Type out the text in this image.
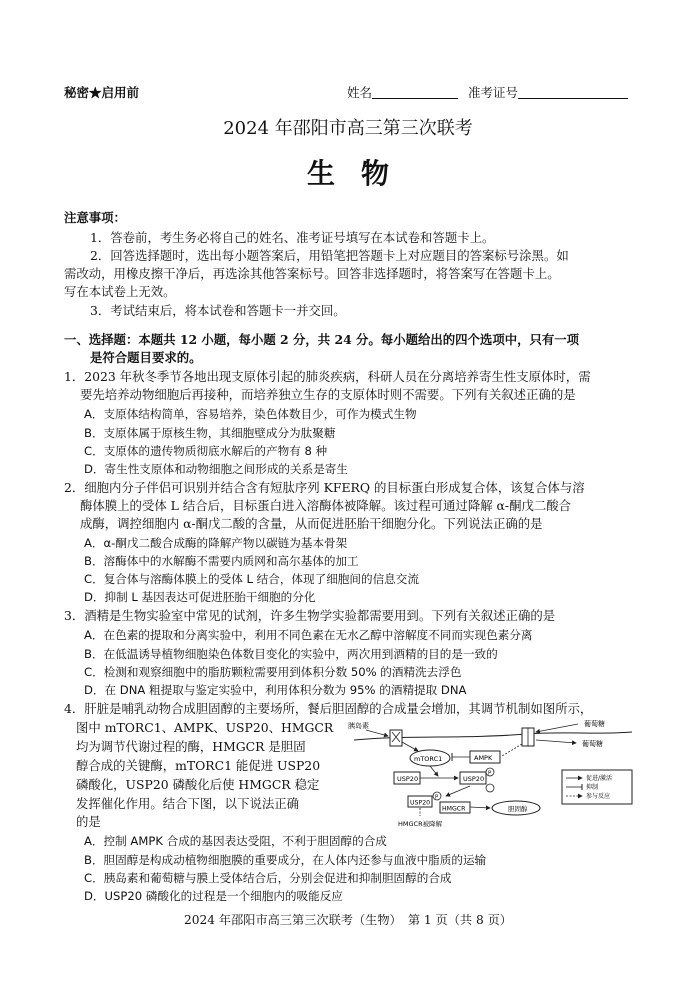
秘密★启用前	姓名	准考证号
2024 年邵阳市高三第三次联考
生物
注意事项：
1．答卷前，考生务必将自己的姓名、准考证号填写在本试卷和答题卡上。
2．回答选择题时，选出每小题答案后，用铅笔把答题卡上对应题目的答案标号涂黑。如
需改动，用橡皮擦干净后，再选涂其他答案标号。回答非选择题时，将答案写在答题卡上。
写在本试卷上无效。
3．考试结束后，将本试卷和答题卡一并交回。
一、选择题：本题共 12 小题，每小题 2 分，共 24 分。每小题给出的四个选项中，只有一项
是符合题目要求的。
1．2023 年秋冬季节各地出现支原体引起的肺炎疾病，科研人员在分离培养寄生性支原体时，需
要先培养动物细胞后再接种，而培养独立生存的支原体时则不需要。下列有关叙述正确的是
A．支原体结构简单，容易培养，染色体数目少，可作为模式生物
B．支原体属于原核生物，其细胞壁成分为肽聚糖
C．支原体的遗传物质彻底水解后的产物有 8 种
D．寄生性支原体和动物细胞之间形成的关系是寄生
2．细胞内分子伴侣可识别并结合含有短肽序列 KFERQ 的目标蛋白形成复合体，该复合体与溶
酶体膜上的受体 L 结合后，目标蛋白进入溶酶体被降解。该过程可通过降解 α-酮戊二酸合
成酶，调控细胞内 α-酮戊二酸的含量，从而促进胚胎干细胞分化。下列说法正确的是
A．α-酮戊二酸合成酶的降解产物以碳链为基本骨架
B．溶酶体中的水解酶不需要内质网和高尔基体的加工
C．复合体与溶酶体膜上的受体 L 结合，体现了细胞间的信息交流
D．抑制 L 基因表达可促进胚胎干细胞的分化
3．酒精是生物实验室中常见的试剂，许多生物学实验都需要用到。下列有关叙述正确的是
A．在色素的提取和分离实验中，利用不同色素在无水乙醇中溶解度不同而实现色素分离
B．在低温诱导植物细胞染色体数目变化的实验中，两次用到酒精的目的是一致的
C．检测和观察细胞中的脂肪颗粒需要用到体积分数 50% 的酒精洗去浮色
D．在 DNA 粗提取与鉴定实验中，利用体积分数为 95% 的酒精提取 DNA
4．肝脏是哺乳动物合成胆固醇的主要场所，餐后胆固醇的合成量会增加，其调节机制如图所示，
图中 mTORC1、AMPK、USP20、HMGCR
均为调节代谢过程的酶，HMGCR 是胆固
醇合成的关键酶，mTORC1 能促进 USP20
磷酸化，USP20 磷酸化后使 HMGCR 稳定
发挥催化作用。结合下图，以下说法正确
的是
胰岛素	葡萄糖
葡萄糖
mTORC1	AMPK
USP20	USP20
P
USP20
HMGCR
P
胆固醇
HMGCR被降解
促进/激活
抑制
参与反应
A．控制 AMPK 合成的基因表达受阻，不利于胆固醇的合成
B．胆固醇是构成动植物细胞膜的重要成分，在人体内还参与血液中脂质的运输
C．胰岛素和葡萄糖与膜上受体结合后，分别会促进和抑制胆固醇的合成
D．USP20 磷酸化的过程是一个细胞内的吸能反应
2024 年邵阳市高三第三次联考（生物）　第 1 页（共 8 页）
